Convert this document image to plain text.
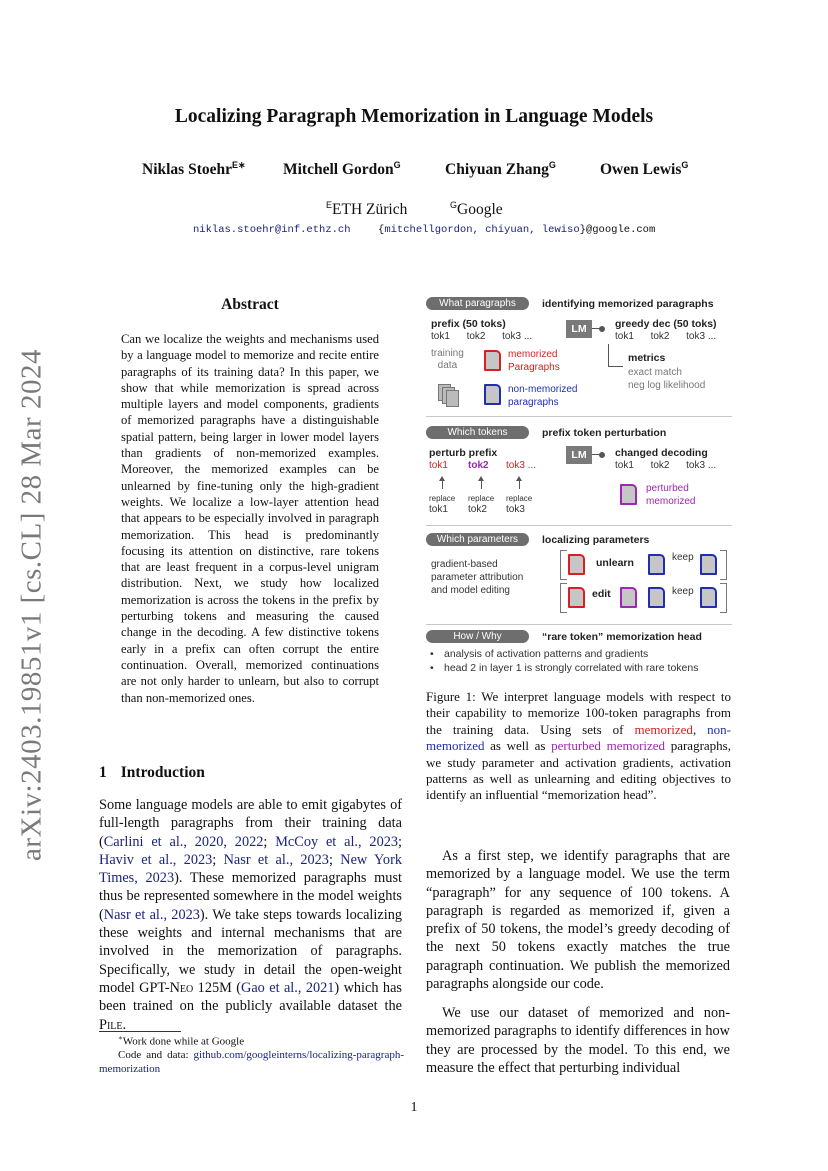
arXiv:2403.19851v1 [cs.CL] 28 Mar 2024
Localizing Paragraph Memorization in Language Models
Niklas Stoehr$^{E∗}$ Mitchell Gordon$^G$	Chiyuan Zhang$^G$	Owen Lewis$^G$
$^E$ETH Zürich	$^G$Google
niklas.stoehr@inf.ethz.ch	{mitchellgordon, chiyuan, lewiso}@google.com
Abstract

Can we localize the weights and mechanisms used by a language model to memorize and recite entire paragraphs of its training data? In this paper, we show that while memorization is spread across multiple layers and model components, gradients of memorized paragraphs have a distinguishable spatial pattern, being larger in lower model layers than gradients of non-memorized examples. Moreover, the memorized examples can be unlearned by fine-tuning only the high-gradient weights. We localize a low-layer attention head that appears to be especially involved in paragraph memorization. This head is predominantly focusing its attention on distinctive, rare tokens that are least frequent in a corpus-level unigram distribution. Next, we study how localized memorization is across the tokens in the prefix by perturbing tokens and measuring the caused change in the decoding. A few distinctive tokens early in a prefix can often corrupt the entire continuation. Overall, memorized continuations are not only harder to unlearn, but also to corrupt than non-memorized ones.

1 Introduction

Some language models are able to emit gigabytes of full-length paragraphs from their training data (Carlini et al., 2020, 2022; McCoy et al., 2023; Haviv et al., 2023; Nasr et al., 2023; New York Times, 2023). These memorized paragraphs must thus be represented somewhere in the model weights (Nasr et al., 2023). We take steps towards localizing these weights and internal mechanisms that are involved in the memorization of paragraphs. Specifically, we study in detail the open-weight model GPT-Neo 125M (Gao et al., 2021) which has been trained on the publicly available dataset the Pile.

∗Work done while at Google

Code and data: github.com/googleinterns/localizing-paragraph-memorization

What paragraphs	identifying memorized paragraphs
prefix (50 toks)
tok1      tok2      tok3 ...
LM	greedy dec (50 toks)
tok1      tok2      tok3 ...
training
data
memorized
Paragraphs
non-memorized
paragraphs
metrics
exact match
neg log likelihood
Which tokens	prefix token perturbation
perturb prefix
tok1 tok2 tok3 ...
LM	changed decoding
tok1      tok2      tok3 ...
replace replace replace
tok1 tok2 tok3
perturbed
memorized
Which parameters	localizing parameters
gradient-based
parameter attribution
and model editing
unlearn	keep
edit	keep
How / Why	“rare token” memorization head
• analysis of activation patterns and gradients
• head 2 in layer 1 is strongly correlated with rare tokens

Figure 1: We interpret language models with respect to their capability to memorize 100-token paragraphs from the training data. Using sets of memorized, non-memorized as well as perturbed memorized paragraphs, we study parameter and activation gradients, activation patterns as well as unlearning and editing objectives to identify an influential “memorization head”.

As a first step, we identify paragraphs that are memorized by a language model. We use the term “paragraph” for any sequence of 100 tokens. A paragraph is regarded as memorized if, given a prefix of 50 tokens, the model’s greedy decoding of the next 50 tokens exactly matches the true paragraph continuation. We publish the memorized paragraphs alongside our code.

We use our dataset of memorized and non-memorized paragraphs to identify differences in how they are processed by the model. To this end, we measure the effect that perturbing individual

1
